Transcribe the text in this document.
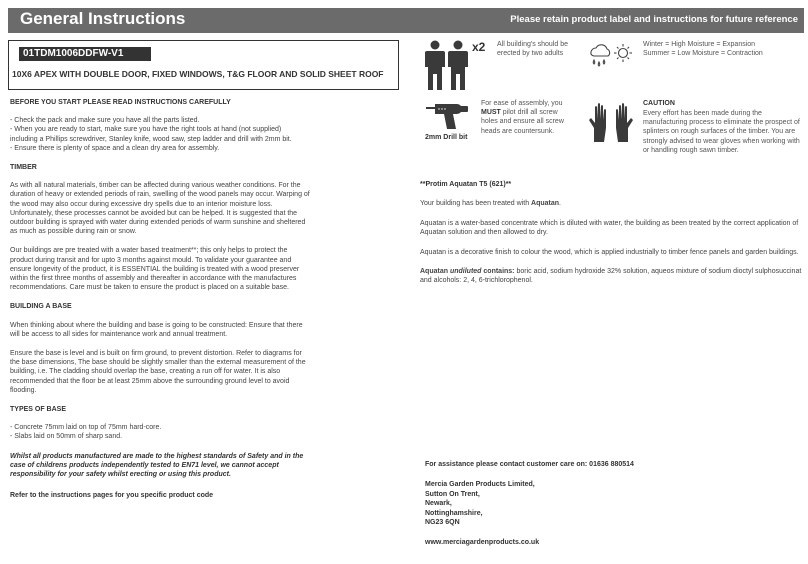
General Instructions	Please retain product label and instructions for future reference
01TDM1006DDFW-V1
10X6 APEX WITH DOUBLE DOOR, FIXED WINDOWS, T&G FLOOR AND SOLID SHEET ROOF

BEFORE YOU START PLEASE READ INSTRUCTIONS CAREFULLY

- Check the pack and make sure you have all the parts listed.
- When you are ready to start, make sure you have the right tools at hand (not supplied) including a Phillips screwdriver, Stanley knife, wood saw, step ladder and drill with 2mm bit.
- Ensure there is plenty of space and a clean dry area for assembly.

TIMBER

As with all natural materials, timber can be affected during various weather conditions. For the duration of heavy or extended periods of rain, swelling of the wood panels may occur. Warping of the wood may also occur during excessive dry spells due to an interior moisture loss. Unfortunately, these processes cannot be avoided but can be helped. It is suggested that the outdoor building is sprayed with water during extended periods of warm sunshine and sheltered as much as possible during rain or snow.

Our buildings are pre treated with a water based treatment**; this only helps to protect the product during transit and for upto 3 months against mould. To validate your guarantee and ensure longevity of the product, it is ESSENTIAL the building is treated with a wood preserver within the first three months of assembly and thereafter in accordance with the manufactures recommendations. Care must be taken to ensure the product is placed on a suitable base.

BUILDING A BASE

When thinking about where the building and base is going to be constructed: Ensure that there will be access to all sides for maintenance work and annual treatment.

Ensure the base is level and is built on firm ground, to prevent distortion. Refer to diagrams for the base dimensions, The base should be slightly smaller than the external measurement of the building, i.e. The cladding should overlap the base, creating a run off for water. It is also recommended that the floor be at least 25mm above the surrounding ground level to avoid flooding.

TYPES OF BASE

- Concrete 75mm laid on top of 75mm hard-core.
- Slabs laid on 50mm of sharp sand.

Whilst all products manufactured are made to the highest standards of Safety and in the case of childrens products independently tested to EN71 level, we cannot accept responsibility for your safety whilst erecting or using this product.

Refer to the instructions pages for you specific product code

x2 All building's should be erected by two adults
Winter = High Moisture = Expansion
Summer = Low Moisture = Contraction
2mm Drill bit
For ease of assembly, you
MUST pilot drill all screw holes and ensure all screw heads are countersunk.
CAUTION
Every effort has been made during the manufacturing process to eliminate the prospect of splinters on rough surfaces of the timber. You are strongly advised to wear gloves when working with or handling rough sawn timber.

**Protim Aquatan T5 (621)**

Your building has been treated with Aquatan.

Aquatan is a water-based concentrate which is diluted with water, the building as been treated by the correct application of Aquatan solution and then allowed to dry.

Aquatan is a decorative finish to colour the wood, which is applied industrially to timber fence panels and garden buildings.

Aquatan undiluted contains: boric acid, sodium hydroxide 32% solution, aqueos mixture of sodium dioctyl sulphosuccinat and alcohols: 2, 4, 6-trichlorophenol.

For assistance please contact customer care on: 01636 880514

Mercia Garden Products Limited,
Sutton On Trent,
Newark,
Nottinghamshire,
NG23 6QN

www.merciagardenproducts.co.uk
